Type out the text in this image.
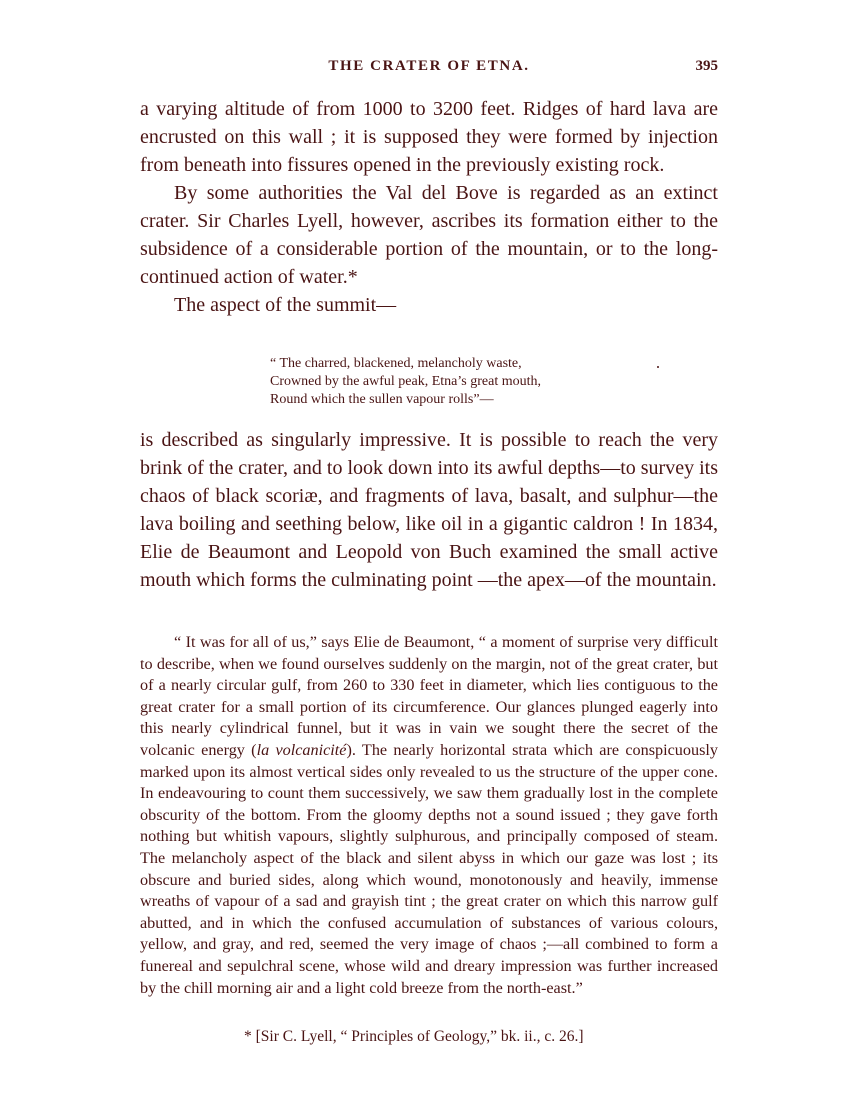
THE CRATER OF ETNA.	395

a varying altitude of from 1000 to 3200 feet. Ridges of hard lava are encrusted on this wall ; it is supposed they were formed by injection from beneath into fissures opened in the previously existing rock.

By some authorities the Val del Bove is regarded as an extinct crater. Sir Charles Lyell, however, ascribes its formation either to the subsidence of a considerable portion of the mountain, or to the long-continued action of water.*

The aspect of the summit—

“ The charred, blackened, melancholy waste,
Crowned by the awful peak, Etna’s great mouth,
Round which the sullen vapour rolls”—

is described as singularly impressive. It is possible to reach the very brink of the crater, and to look down into its awful depths—to survey its chaos of black scoriæ, and fragments of lava, basalt, and sulphur—the lava boiling and seething below, like oil in a gigantic caldron ! In 1834, Elie de Beaumont and Leopold von Buch examined the small active mouth which forms the culminating point —the apex—of the mountain.

“ It was for all of us,” says Elie de Beaumont, “ a moment of surprise very difficult to describe, when we found ourselves suddenly on the margin, not of the great crater, but of a nearly circular gulf, from 260 to 330 feet in diameter, which lies contiguous to the great crater for a small portion of its circumference. Our glances plunged eagerly into this nearly cylindrical funnel, but it was in vain we sought there the secret of the volcanic energy (la volcanicité). The nearly horizontal strata which are conspicuously marked upon its almost vertical sides only revealed to us the structure of the upper cone. In endeavouring to count them successively, we saw them gradually lost in the complete obscurity of the bottom. From the gloomy depths not a sound issued ; they gave forth nothing but whitish vapours, slightly sulphurous, and principally composed of steam. The melancholy aspect of the black and silent abyss in which our gaze was lost ; its obscure and buried sides, along which wound, monotonously and heavily, immense wreaths of vapour of a sad and grayish tint ; the great crater on which this narrow gulf abutted, and in which the confused accumulation of substances of various colours, yellow, and gray, and red, seemed the very image of chaos ;—all combined to form a funereal and sepulchral scene, whose wild and dreary impression was further increased by the chill morning air and a light cold breeze from the north-east.”

* [Sir C. Lyell, “ Principles of Geology,” bk. ii., c. 26.]
